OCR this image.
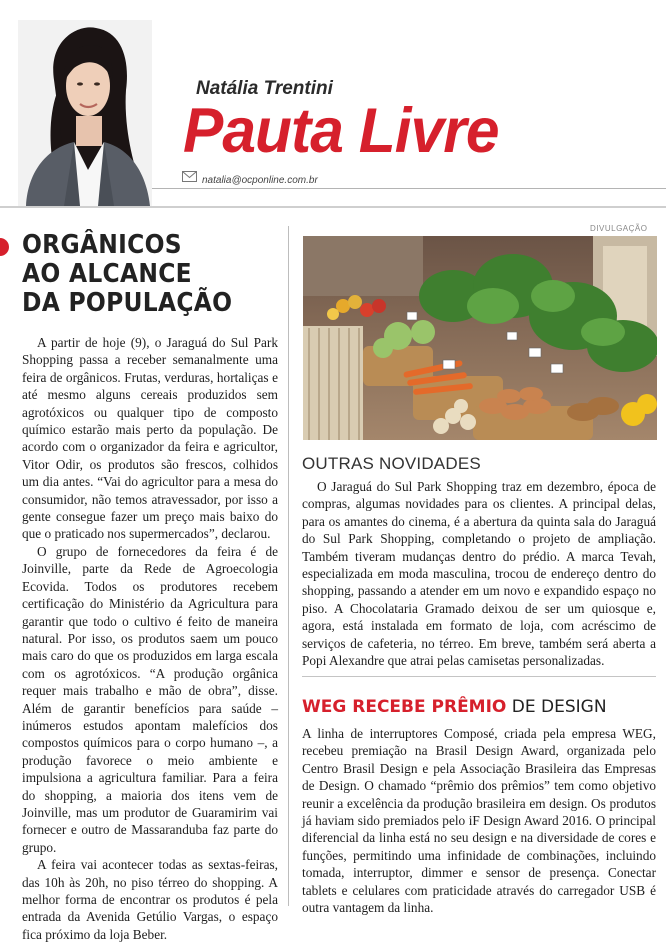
Natália Trentini
Pauta Livre
natalia@ocponline.com.br
ORGÂNICOS
AO ALCANCE
DA POPULAÇÃO

A partir de hoje (9), o Jaraguá do Sul Park Shopping passa a receber semanalmente uma feira de orgânicos. Frutas, verduras, hortaliças e até mesmo alguns cereais produzidos sem agrotóxicos ou qualquer tipo de composto químico estarão mais perto da população. De acordo com o organizador da feira e agricultor, Vitor Odir, os produtos são frescos, colhidos um dia antes. “Vai do agricultor para a mesa do consumidor, não temos atravessador, por isso a gente consegue fazer um preço mais baixo do que o praticado nos supermercados”, declarou.

O grupo de fornecedores da feira é de Joinville, parte da Rede de Agroecologia Ecovida. Todos os produtores recebem certificação do Ministério da Agricultura para garantir que todo o cultivo é feito de maneira natural. Por isso, os produtos saem um pouco mais caro do que os produzidos em larga escala com os agrotóxicos. “A produção orgânica requer mais trabalho e mão de obra”, disse. Além de garantir benefícios para saúde – inúmeros estudos apontam malefícios dos compostos químicos para o corpo humano –, a produção favorece o meio ambiente e impulsiona a agricultura familiar. Para a feira do shopping, a maioria dos itens vem de Joinville, mas um produtor de Guaramirim vai fornecer e outro de Massaranduba faz parte do grupo.

A feira vai acontecer todas as sextas-feiras, das 10h às 20h, no piso térreo do shopping. A melhor forma de encontrar os produtos é pela entrada da Avenida Getúlio Vargas, o espaço fica próximo da loja Beber.

DIVULGAÇÃO
OUTRAS NOVIDADES

O Jaraguá do Sul Park Shopping traz em dezembro, época de compras, algumas novidades para os clientes. A principal delas, para os amantes do cinema, é a abertura da quinta sala do Jaraguá do Sul Park Shopping, completando o projeto de ampliação. Também tiveram mudanças dentro do prédio. A marca Tevah, especializada em moda masculina, trocou de endereço dentro do shopping, passando a atender em um novo e expandido espaço no piso. A Chocolataria Gramado deixou de ser um quiosque e, agora, está instalada em formato de loja, com acréscimo de serviços de cafeteria, no térreo. Em breve, também será aberta a Popi Alexandre que atrai pelas camisetas personalizadas.

WEG RECEBE PRÊMIO DE DESIGN

A linha de interruptores Composé, criada pela empresa WEG, recebeu premiação na Brasil Design Award, organizada pelo Centro Brasil Design e pela Associação Brasileira das Empresas de Design. O chamado “prêmio dos prêmios” tem como objetivo reunir a excelência da produção brasileira em design. Os produtos já haviam sido premiados pelo iF Design Award 2016. O principal diferencial da linha está no seu design e na diversidade de cores e funções, permitindo uma infinidade de combinações, incluindo tomada, interruptor, dimmer e sensor de presença. Conectar tablets e celulares com praticidade através do carregador USB é outra vantagem da linha.
